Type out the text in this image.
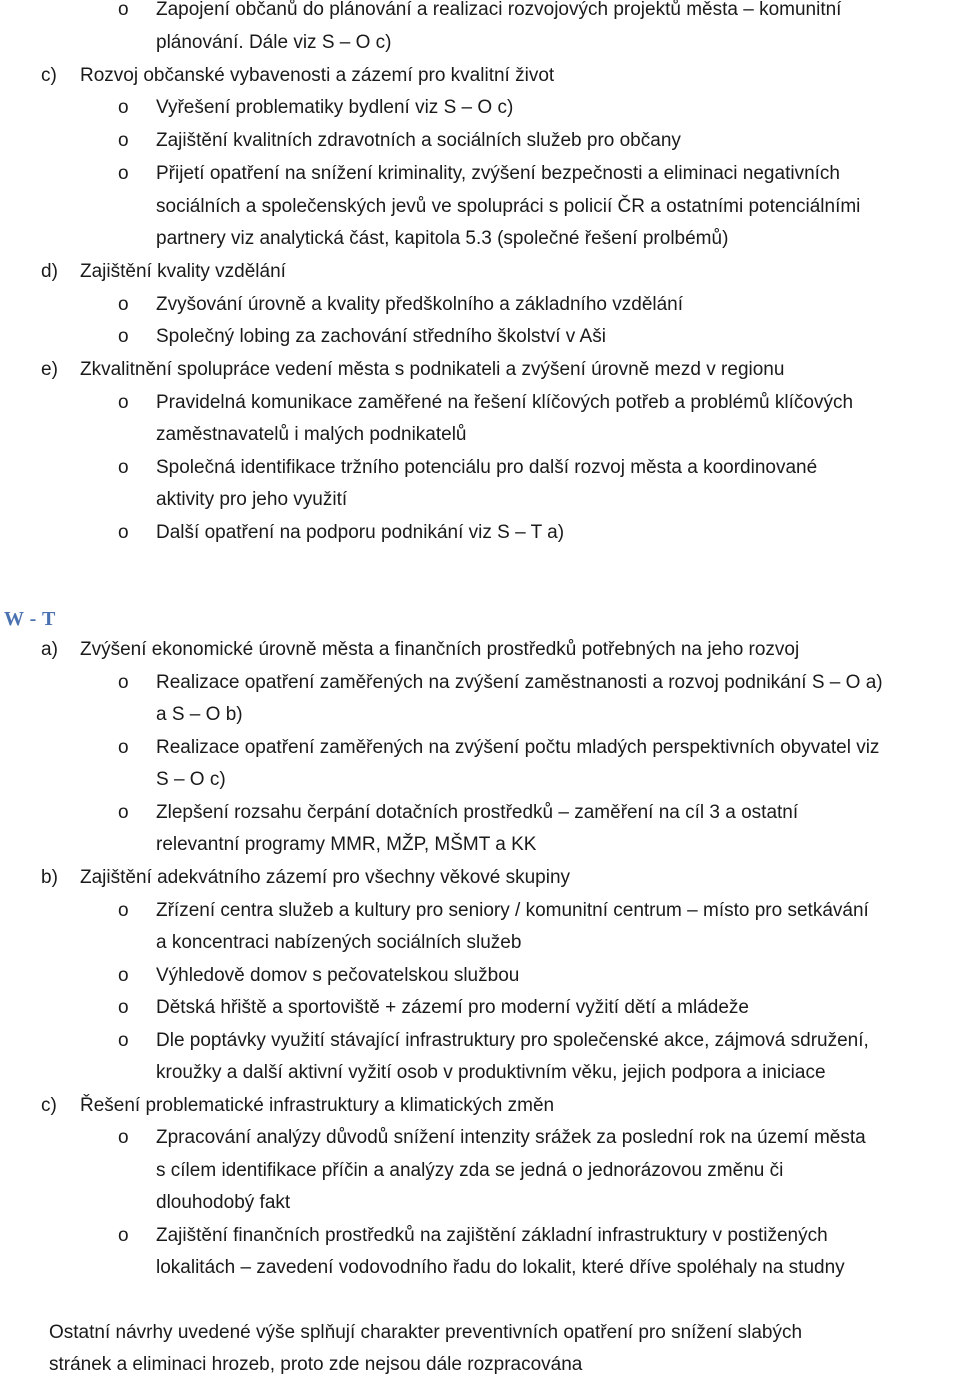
o Zapojení občanů do plánování a realizaci rozvojových projektů města – komunitní
plánování. Dále viz S – O c)
c) Rozvoj občanské vybavenosti a zázemí pro kvalitní život
o Vyřešení problematiky bydlení viz S – O c)
o Zajištění kvalitních zdravotních a sociálních služeb pro občany
o Přijetí opatření na snížení kriminality, zvýšení bezpečnosti a eliminaci negativních
sociálních a společenských jevů ve spolupráci s policií ČR a ostatními potenciálními
partnery viz analytická část, kapitola 5.3 (společné řešení prolbémů)
d) Zajištění kvality vzdělání
o Zvyšování úrovně a kvality předškolního a základního vzdělání
o Společný lobing za zachování středního školství v Aši
e) Zkvalitnění spolupráce vedení města s podnikateli a zvýšení úrovně mezd v regionu
o Pravidelná komunikace zaměřené na řešení klíčových potřeb a problémů klíčových
zaměstnavatelů i malých podnikatelů
o Společná identifikace tržního potenciálu pro další rozvoj města a koordinované
aktivity pro jeho využití
o Další opatření na podporu podnikání viz S – T a)
W - T
a) Zvýšení ekonomické úrovně města a finančních prostředků potřebných na jeho rozvoj
o Realizace opatření zaměřených na zvýšení zaměstnanosti a rozvoj podnikání S – O a)
a S – O b)
o Realizace opatření zaměřených na zvýšení počtu mladých perspektivních obyvatel viz
S – O c)
o Zlepšení rozsahu čerpání dotačních prostředků – zaměření na cíl 3 a ostatní
relevantní programy MMR, MŽP, MŠMT a KK
b) Zajištění adekvátního zázemí pro všechny věkové skupiny
o Zřízení centra služeb a kultury pro seniory / komunitní centrum – místo pro setkávání
a koncentraci nabízených sociálních služeb
o Výhledově domov s pečovatelskou službou
o Dětská hřiště a sportoviště + zázemí pro moderní vyžití dětí a mládeže
o Dle poptávky využití stávající infrastruktury pro společenské akce, zájmová sdružení,
kroužky a další aktivní vyžití osob v produktivním věku, jejich podpora a iniciace
c) Řešení problematické infrastruktury a klimatických změn
o Zpracování analýzy důvodů snížení intenzity srážek za poslední rok na území města
s cílem identifikace příčin a analýzy zda se jedná o jednorázovou změnu či
dlouhodobý fakt
o Zajištění finančních prostředků na zajištění základní infrastruktury v postižených
lokalitách – zavedení vodovodního řadu do lokalit, které dříve spoléhaly na studny
Ostatní návrhy uvedené výše splňují charakter preventivních opatření pro snížení slabých
stránek a eliminaci hrozeb, proto zde nejsou dále rozpracována
